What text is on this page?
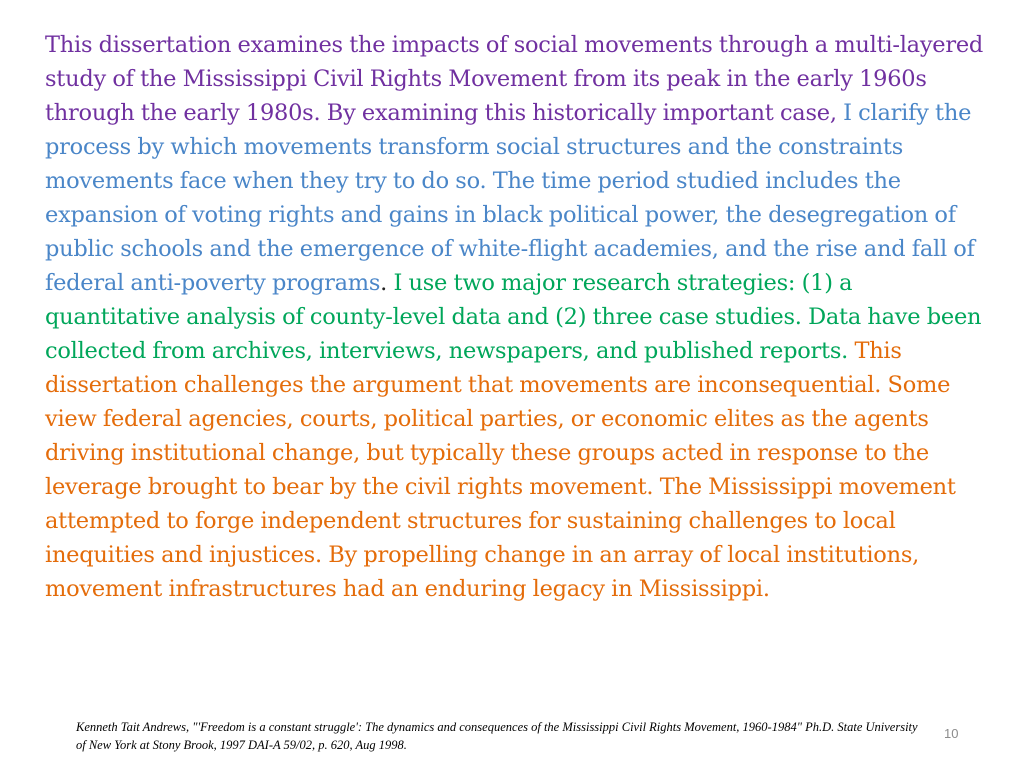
This dissertation examines the impacts of social movements through a multi-layered study of the Mississippi Civil Rights Movement from its peak in the early 1960s through the early 1980s. By examining this historically important case, I clarify the process by which movements transform social structures and the constraints movements face when they try to do so. The time period studied includes the expansion of voting rights and gains in black political power, the desegregation of public schools and the emergence of white-flight academies, and the rise and fall of federal anti-poverty programs. I use two major research strategies: (1) a quantitative analysis of county-level data and (2) three case studies. Data have been collected from archives, interviews, newspapers, and published reports. This dissertation challenges the argument that movements are inconsequential. Some view federal agencies, courts, political parties, or economic elites as the agents driving institutional change, but typically these groups acted in response to the leverage brought to bear by the civil rights movement. The Mississippi movement attempted to forge independent structures for sustaining challenges to local inequities and injustices. By propelling change in an array of local institutions, movement infrastructures had an enduring legacy in Mississippi.

Kenneth Tait Andrews, "'Freedom is a constant struggle': The dynamics and consequences of the Mississippi Civil Rights Movement, 1960-1984" Ph.D. State University of New York at Stony Brook, 1997 DAI-A 59/02, p. 620, Aug 1998.

10
